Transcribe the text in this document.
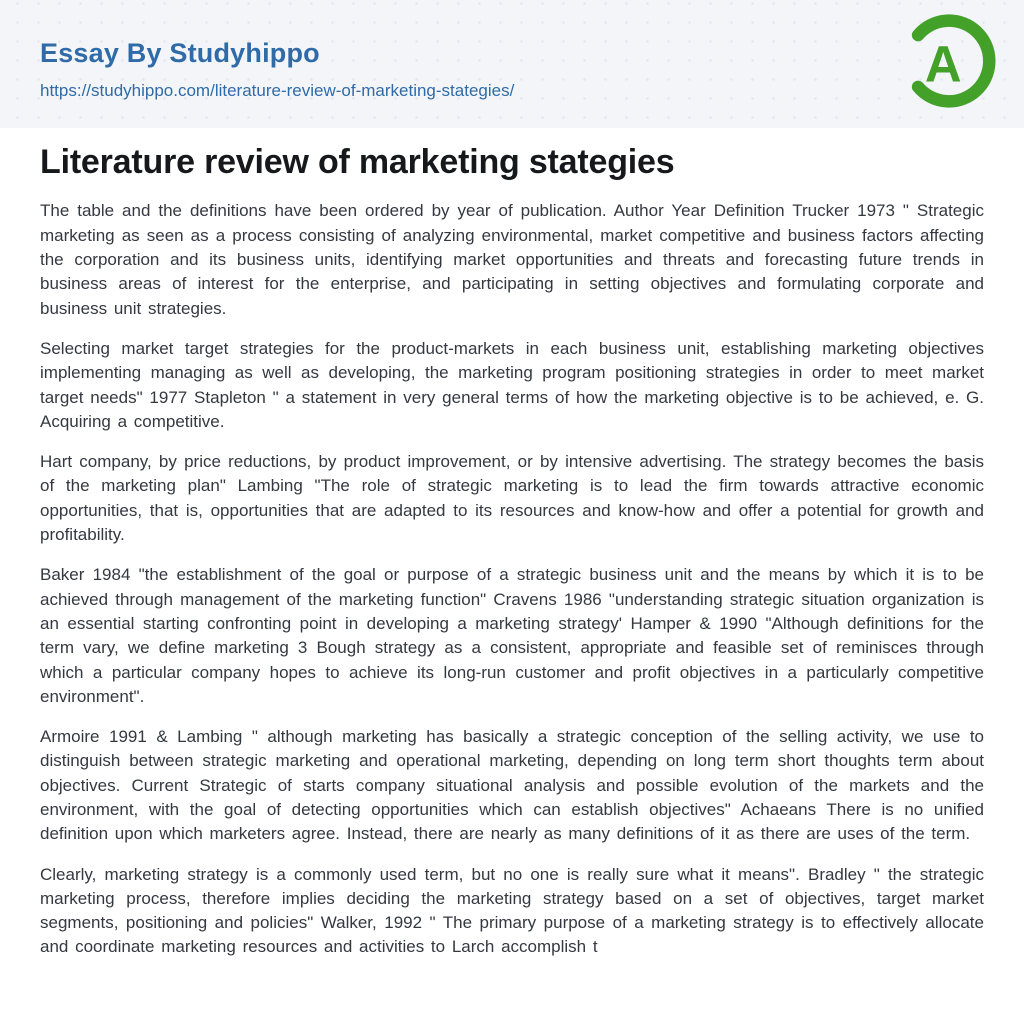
Essay By Studyhippo
https://studyhippo.com/literature-review-of-marketing-stategies/	A
Literature review of marketing stategies

The table and the definitions have been ordered by year of publication. Author Year Definition Trucker 1973 " Strategic marketing as seen as a process consisting of analyzing environmental, market competitive and business factors affecting the corporation and its business units, identifying market opportunities and threats and forecasting future trends in business areas of interest for the enterprise, and participating in setting objectives and formulating corporate and business unit strategies.

Selecting market target strategies for the product-markets in each business unit, establishing marketing objectives implementing managing as well as developing, the marketing program positioning strategies in order to meet market target needs" 1977 Stapleton " a statement in very general terms of how the marketing objective is to be achieved, e. G. Acquiring a competitive.

Hart company, by price reductions, by product improvement, or by intensive advertising. The strategy becomes the basis of the marketing plan" Lambing "The role of strategic marketing is to lead the firm towards attractive economic opportunities, that is, opportunities that are adapted to its resources and know-how and offer a potential for growth and profitability.

Baker 1984 "the establishment of the goal or purpose of a strategic business unit and the means by which it is to be achieved through management of the marketing function" Cravens 1986 "understanding strategic situation organization is an essential starting confronting point in developing a marketing strategy' Hamper & 1990 "Although definitions for the term vary, we define marketing 3 Bough strategy as a consistent, appropriate and feasible set of reminisces through which a particular company hopes to achieve its long-run customer and profit objectives in a particularly competitive environment".

Armoire 1991 & Lambing " although marketing has basically a strategic conception of the selling activity, we use to distinguish between strategic marketing and operational marketing, depending on long term short thoughts term about objectives. Current Strategic of starts company situational analysis and possible evolution of the markets and the environment, with the goal of detecting opportunities which can establish objectives" Achaeans There is no unified definition upon which marketers agree. Instead, there are nearly as many definitions of it as there are uses of the term.

Clearly, marketing strategy is a commonly used term, but no one is really sure what it means". Bradley " the strategic marketing process, therefore implies deciding the marketing strategy based on a set of objectives, target market segments, positioning and policies" Walker, 1992 " The primary purpose of a marketing strategy is to effectively allocate and coordinate marketing resources and activities to Larch accomplish t
